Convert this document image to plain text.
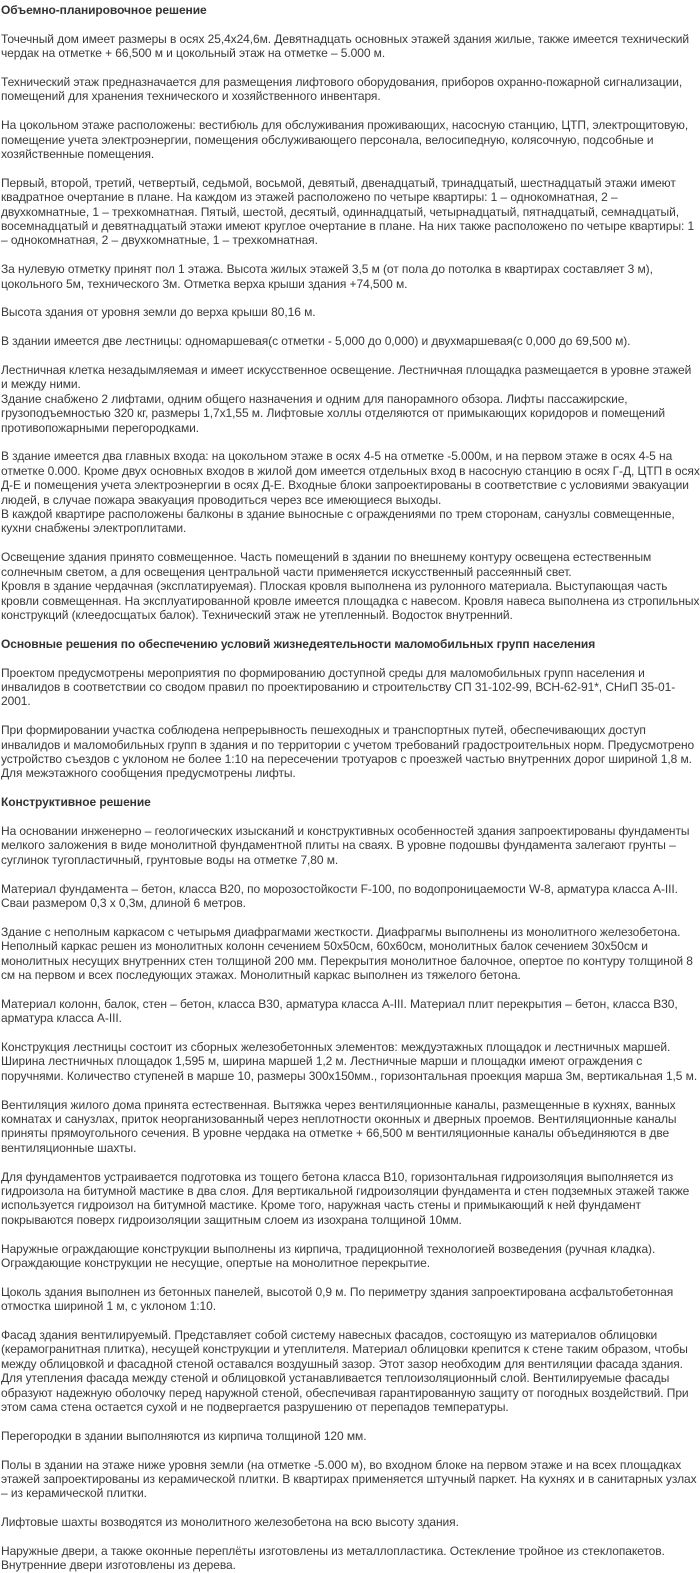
Объемно-планировочное решение

Точечный дом имеет размеры в осях 25,4х24,6м. Девятнадцать основных этажей здания жилые, также имеется технический чердак на отметке + 66,500 м и цокольный этаж на отметке – 5.000 м.

Технический этаж предназначается для размещения лифтового оборудования, приборов охранно-пожарной сигнализации, помещений для хранения технического и хозяйственного инвентаря.

На цокольном этаже расположены: вестибюль для обслуживания проживающих, насосную станцию, ЦТП, электрощитовую, помещение учета электроэнергии, помещения обслуживающего персонала, велосипедную, колясочную, подсобные и хозяйственные помещения.

Первый, второй, третий, четвертый, седьмой, восьмой, девятый, двенадцатый, тринадцатый, шестнадцатый этажи имеют квадратное очертание в плане. На каждом из этажей расположено по четыре квартиры: 1 – однокомнатная, 2 – двухкомнатные, 1 – трехкомнатная. Пятый, шестой, десятый, одиннадцатый, четырнадцатый, пятнадцатый, семнадцатый, восемнадцатый и девятнадцатый этажи имеют круглое очертание в плане. На них также расположено по четыре квартиры: 1 – однокомнатная, 2 – двухкомнатные, 1 – трехкомнатная.

За нулевую отметку принят пол 1 этажа. Высота жилых этажей 3,5 м (от пола до потолка в квартирах составляет 3 м), цокольного 5м, технического 3м. Отметка верха крыши здания +74,500 м.

Высота здания от уровня земли до верха крыши 80,16 м.

В здании имеется две лестницы: одномаршевая(с отметки - 5,000 до 0,000) и двухмаршевая(с 0,000 до 69,500 м).

Лестничная клетка незадымляемая и имеет искусственное освещение. Лестничная площадка размещается в уровне этажей и между ними.

Здание снабжено 2 лифтами, одним общего назначения и одним для панорамного обзора. Лифты пассажирские, грузоподъемностью 320 кг, размеры 1,7х1,55 м. Лифтовые холлы отделяются от примыкающих коридоров и помещений противопожарными перегородками.

В здание имеется два главных входа: на цокольном этаже в осях 4-5 на отметке -5.000м, и на первом этаже в осях 4-5 на отметке 0.000. Кроме двух основных входов в жилой дом имеется отдельных вход в насосную станцию в осях Г-Д, ЦТП в осях Д-Е и помещения учета электроэнергии в осях Д-Е. Входные блоки запроектированы в соответствие с условиями эвакуации людей, в случае пожара эвакуация проводиться через все имеющиеся выходы.

В каждой квартире расположены балконы в здание выносные с ограждениями по трем сторонам, санузлы совмещенные, кухни снабжены электроплитами.

Освещение здания принято совмещенное. Часть помещений в здании по внешнему контуру освещена естественным солнечным светом, а для освещения центральной части применяется искусственный рассеянный свет.

Кровля в здание чердачная (эксплатируемая). Плоская кровля выполнена из рулонного материала. Выступающая часть кровли совмещенная. На эксплуатированной кровле имеется площадка с навесом. Кровля навеса выполнена из стропильных конструкций (клеедосщатых балок). Технический этаж не утепленный. Водосток внутренний.

Основные решения по обеспечению условий жизнедеятельности маломобильных групп населения

Проектом предусмотрены мероприятия по формированию доступной среды для маломобильных групп населения и инвалидов в соответствии со сводом правил по проектированию и строительству СП 31-102-99, ВСН-62-91*, СНиП 35-01-2001.

При формировании участка соблюдена непрерывность пешеходных и транспортных путей, обеспечивающих доступ инвалидов и маломобильных групп в здания и по территории с учетом требований градостроительных норм. Предусмотрено устройство съездов с уклоном не более 1:10 на пересечении тротуаров с проезжей частью внутренних дорог шириной 1,8 м. Для межэтажного сообщения предусмотрены лифты.

Конструктивное решение

На основании инженерно – геологических изысканий и конструктивных особенностей здания запроектированы фундаменты мелкого заложения в виде монолитной фундаментной плиты на сваях. В уровне подошвы фундамента залегают грунты – суглинок тугопластичный, грунтовые воды на отметке 7,80 м.

Материал фундамента – бетон, класса В20, по морозостойкости F-100, по водопроницаемости W-8, арматура класса А-III. Сваи размером 0,3 х 0,3м, длиной 6 метров.

Здание с неполным каркасом с четырьмя диафрагмами жесткости. Диафрагмы выполнены из монолитного железобетона. Неполный каркас решен из монолитных колонн сечением 50х50см, 60х60см, монолитных балок сечением 30х50см и монолитных несущих внутренних стен толщиной 200 мм. Перекрытия монолитное балочное, опертое по контуру толщиной 8 см на первом и всех последующих этажах. Монолитный каркас выполнен из тяжелого бетона.

Материал колонн, балок, стен – бетон, класса В30, арматура класса А-III. Материал плит перекрытия – бетон, класса В30, арматура класса А-III.

Конструкция лестницы состоит из сборных железобетонных элементов: междуэтажных площадок и лестничных маршей. Ширина лестничных площадок 1,595 м, ширина маршей 1,2 м. Лестничные марши и площадки имеют ограждения с поручнями. Количество ступеней в марше 10, размеры 300х150мм., горизонтальная проекция марша 3м, вертикальная 1,5 м.

Вентиляция жилого дома принята естественная. Вытяжка через вентиляционные каналы, размещенные в кухнях, ванных комнатах и санузлах, приток неорганизованный через неплотности оконных и дверных проемов. Вентиляционные каналы приняты прямоугольного сечения. В уровне чердака на отметке + 66,500 м вентиляционные каналы объединяются в две вентиляционные шахты.

Для фундаментов устраивается подготовка из тощего бетона класса В10, горизонтальная гидроизоляция выполняется из гидроизола на битумной мастике в два слоя. Для вертикальной гидроизоляции фундамента и стен подземных этажей также используется гидроизол на битумной мастике. Кроме того, наружная часть стены и примыкающий к ней фундамент покрываются поверх гидроизоляции защитным слоем из изохрана толщиной 10мм.

Наружные ограждающие конструкции выполнены из кирпича, традиционной технологией возведения (ручная кладка). Ограждающие конструкции не несущие, опертые на монолитное перекрытие.

Цоколь здания выполнен из бетонных панелей, высотой 0,9 м. По периметру здания запроектирована асфальтобетонная отмостка шириной 1 м, с уклоном 1:10.

Фасад здания вентилируемый. Представляет собой систему навесных фасадов, состоящую из материалов облицовки (керамогранитная плитка), несущей конструкции и утеплителя. Материал облицовки крепится к стене таким образом, чтобы между облицовкой и фасадной стеной оставался воздушный зазор. Этот зазор необходим для вентиляции фасада здания. Для утепления фасада между стеной и облицовкой устанавливается теплоизоляционный слой. Вентилируемые фасады образуют надежную оболочку перед наружной стеной, обеспечивая гарантированную защиту от погодных воздействий. При этом сама стена остается сухой и не подвергается разрушению от перепадов температуры.

Перегородки в здании выполняются из кирпича толщиной 120 мм.

Полы в здании на этаже ниже уровня земли (на отметке -5.000 м), во входном блоке на первом этаже и на всех площадках этажей запроектированы из керамической плитки. В квартирах применяется штучный паркет. На кухнях и в санитарных узлах – из керамической плитки.

Лифтовые шахты возводятся из монолитного железобетона на всю высоту здания.

Наружные двери, а также оконные переплёты изготовлены из металлопластика. Остекление тройное из стеклопакетов. Внутренние двери изготовлены из дерева.
